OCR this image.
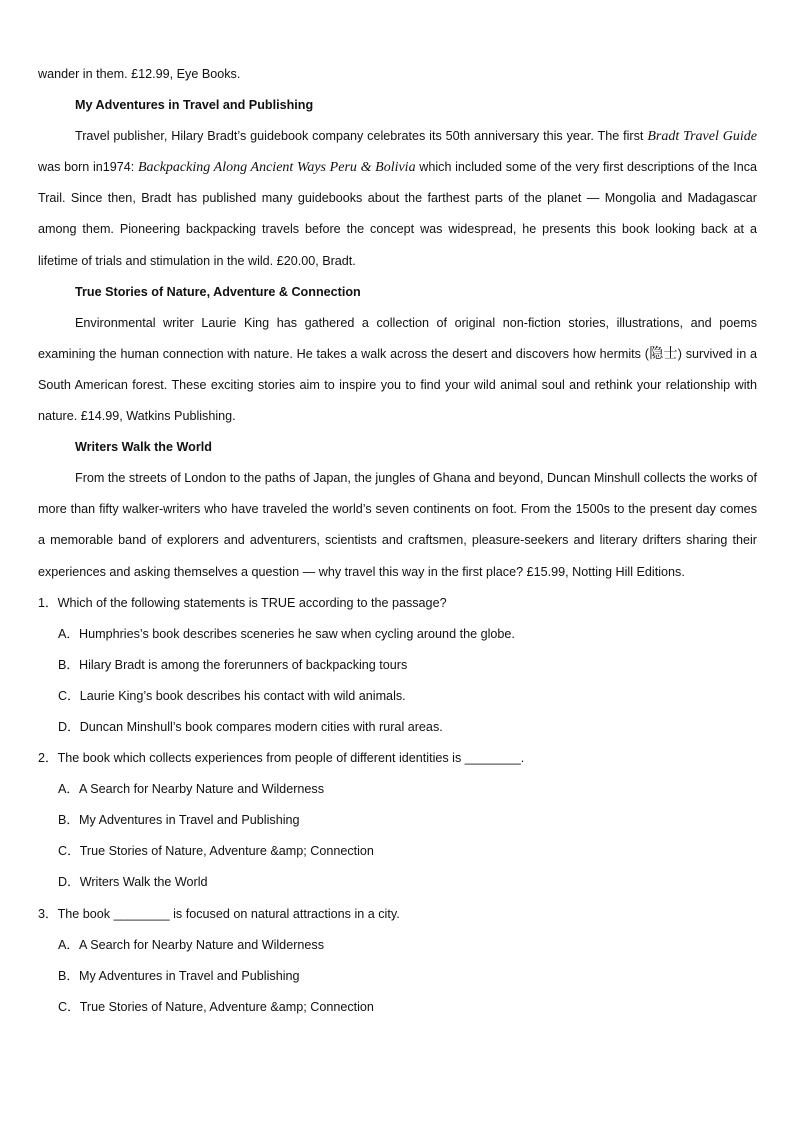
wander in them. £12.99, Eye Books.

My Adventures in Travel and Publishing

Travel publisher, Hilary Bradt’s guidebook company celebrates its 50th anniversary this year. The first Bradt Travel Guide was born in1974: Backpacking Along Ancient Ways Peru & Bolivia which included some of the very first descriptions of the Inca Trail. Since then, Bradt has published many guidebooks about the farthest parts of the planet — Mongolia and Madagascar among them. Pioneering backpacking travels before the concept was widespread, he presents this book looking back at a lifetime of trials and stimulation in the wild. £20.00, Bradt.

True Stories of Nature, Adventure & Connection

Environmental writer Laurie King has gathered a collection of original non-fiction stories, illustrations, and poems examining the human connection with nature. He takes a walk across the desert and discovers how hermits (隐士) survived in a South American forest. These exciting stories aim to inspire you to find your wild animal soul and rethink your relationship with nature. £14.99, Watkins Publishing.

Writers Walk the World

From the streets of London to the paths of Japan, the jungles of Ghana and beyond, Duncan Minshull collects the works of more than fifty walker-writers who have traveled the world’s seven continents on foot. From the 1500s to the present day comes a memorable band of explorers and adventurers, scientists and craftsmen, pleasure-seekers and literary drifters sharing their experiences and asking themselves a question — why travel this way in the first place? £15.99, Notting Hill Editions.

1．Which of the following statements is TRUE according to the passage?

A．Humphries’s book describes sceneries he saw when cycling around the globe.

B．Hilary Bradt is among the forerunners of backpacking tours

C．Laurie King’s book describes his contact with wild animals.

D．Duncan Minshull’s book compares modern cities with rural areas.

2．The book which collects experiences from people of different identities is ________.

A．A Search for Nearby Nature and Wilderness

B．My Adventures in Travel and Publishing

C．True Stories of Nature, Adventure &amp; Connection

D．Writers Walk the World

3．The book ________ is focused on natural attractions in a city.

A．A Search for Nearby Nature and Wilderness

B．My Adventures in Travel and Publishing

C．True Stories of Nature, Adventure &amp; Connection
